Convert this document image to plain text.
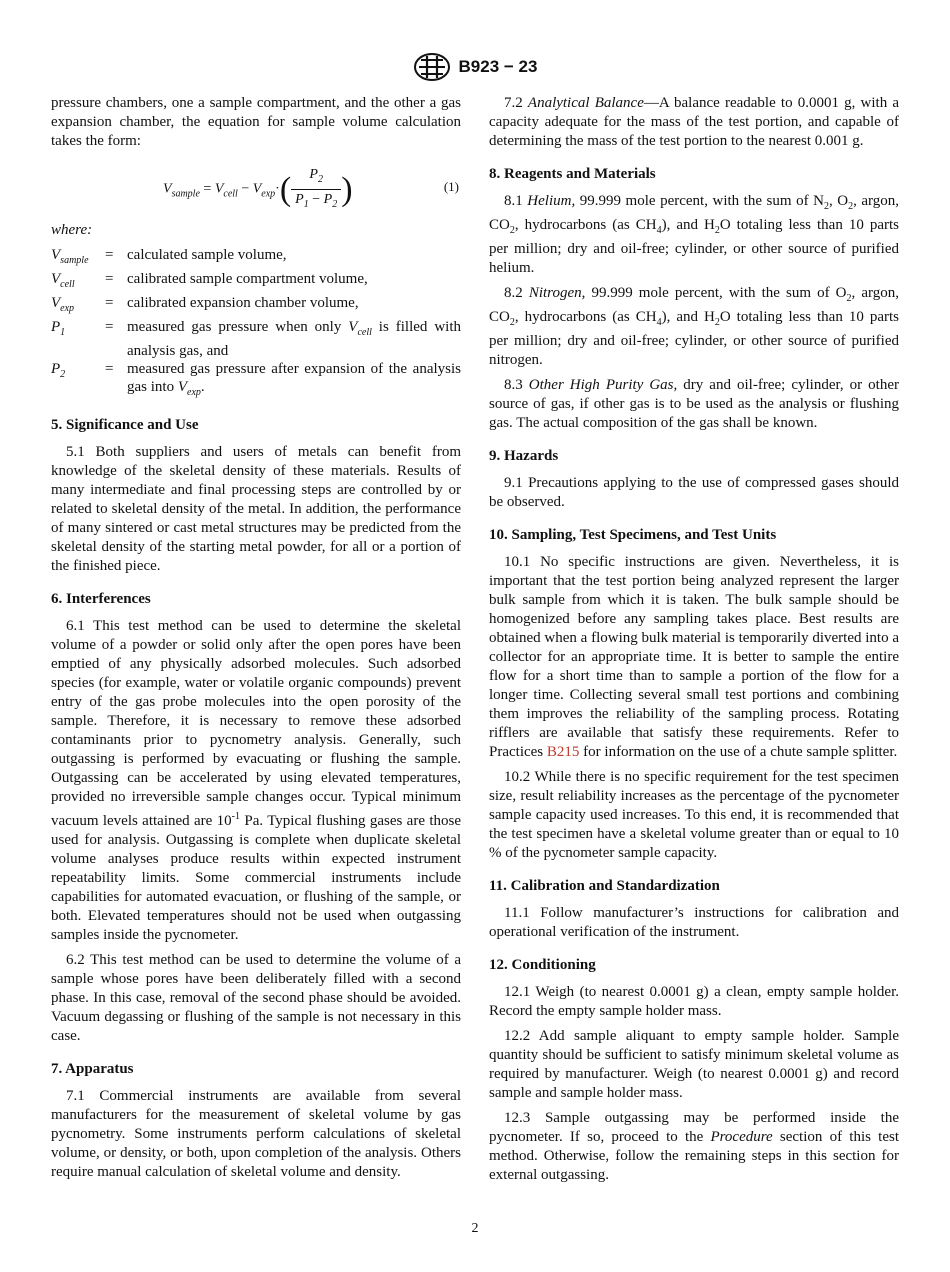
B923 − 23

pressure chambers, one a sample compartment, and the other a gas expansion chamber, the equation for sample volume calculation takes the form:

$V_{sample} = V_{cell} - V_{exp}\cdot( \frac{P_2}{P_1 - P_2}$ )	(1)
where:
$V_{sample}$	=	calculated sample volume,
$V_{cell}$	=	calibrated sample compartment volume,
$V_{exp}$	=	calibrated expansion chamber volume,
$P_1$	=	measured gas pressure when only $V_{cell}$ is filled with analysis gas, and
$P_2$	=	measured gas pressure after expansion of the analysis gas into $V_{exp}$.
5. Significance and Use

5.1 Both suppliers and users of metals can benefit from knowledge of the skeletal density of these materials. Results of many intermediate and final processing steps are controlled by or related to skeletal density of the metal. In addition, the performance of many sintered or cast metal structures may be predicted from the skeletal density of the starting metal powder, for all or a portion of the finished piece.

6. Interferences

6.1 This test method can be used to determine the skeletal volume of a powder or solid only after the open pores have been emptied of any physically adsorbed molecules. Such adsorbed species (for example, water or volatile organic compounds) prevent entry of the gas probe molecules into the open porosity of the sample. Therefore, it is necessary to remove these adsorbed contaminants prior to pycnometry analysis. Generally, such outgassing is performed by evacuating or flushing the sample. Outgassing can be accelerated by using elevated temperatures, provided no irreversible sample changes occur. Typical minimum vacuum levels attained are $10^{-1}$ Pa. Typical flushing gases are those used for analysis. Outgassing is complete when duplicate skeletal volume analyses produce results within expected instrument repeatability limits. Some commercial instruments include capabilities for automated evacuation, or flushing of the sample, or both. Elevated temperatures should not be used when outgassing samples inside the pycnometer.

6.2 This test method can be used to determine the volume of a sample whose pores have been deliberately filled with a second phase. In this case, removal of the second phase should be avoided. Vacuum degassing or flushing of the sample is not necessary in this case.

7. Apparatus

7.1 Commercial instruments are available from several manufacturers for the measurement of skeletal volume by gas pycnometry. Some instruments perform calculations of skeletal volume, or density, or both, upon completion of the analysis. Others require manual calculation of skeletal volume and density.

7.2 Analytical Balance—A balance readable to 0.0001 g, with a capacity adequate for the mass of the test portion, and capable of determining the mass of the test portion to the nearest 0.001 g.

8. Reagents and Materials

8.1 Helium, 99.999 mole percent, with the sum of $N_2$, $O_2$, argon, $CO_2$, hydrocarbons (as $CH_4$), and $H_2O$ totaling less than 10 parts per million; dry and oil-free; cylinder, or other source of purified helium.

8.2 Nitrogen, 99.999 mole percent, with the sum of $O_2$, argon, $CO_2$, hydrocarbons (as $CH_4$), and $H_2O$ totaling less than 10 parts per million; dry and oil-free; cylinder, or other source of purified nitrogen.

8.3 Other High Purity Gas, dry and oil-free; cylinder, or other source of gas, if other gas is to be used as the analysis or flushing gas. The actual composition of the gas shall be known.

9. Hazards

9.1 Precautions applying to the use of compressed gases should be observed.

10. Sampling, Test Specimens, and Test Units

10.1 No specific instructions are given. Nevertheless, it is important that the test portion being analyzed represent the larger bulk sample from which it is taken. The bulk sample should be homogenized before any sampling takes place. Best results are obtained when a flowing bulk material is temporarily diverted into a collector for an appropriate time. It is better to sample the entire flow for a short time than to sample a portion of the flow for a longer time. Collecting several small test portions and combining them improves the reliability of the sampling process. Rotating rifflers are available that satisfy these requirements. Refer to Practices B215 for information on the use of a chute sample splitter.

10.2 While there is no specific requirement for the test specimen size, result reliability increases as the percentage of the pycnometer sample capacity used increases. To this end, it is recommended that the test specimen have a skeletal volume greater than or equal to 10 % of the pycnometer sample capacity.

11. Calibration and Standardization

11.1 Follow manufacturer’s instructions for calibration and operational verification of the instrument.

12. Conditioning

12.1 Weigh (to nearest 0.0001 g) a clean, empty sample holder. Record the empty sample holder mass.

12.2 Add sample aliquant to empty sample holder. Sample quantity should be sufficient to satisfy minimum skeletal volume as required by manufacturer. Weigh (to nearest 0.0001 g) and record sample and sample holder mass.

12.3 Sample outgassing may be performed inside the pycnometer. If so, proceed to the Procedure section of this test method. Otherwise, follow the remaining steps in this section for external outgassing.

2
